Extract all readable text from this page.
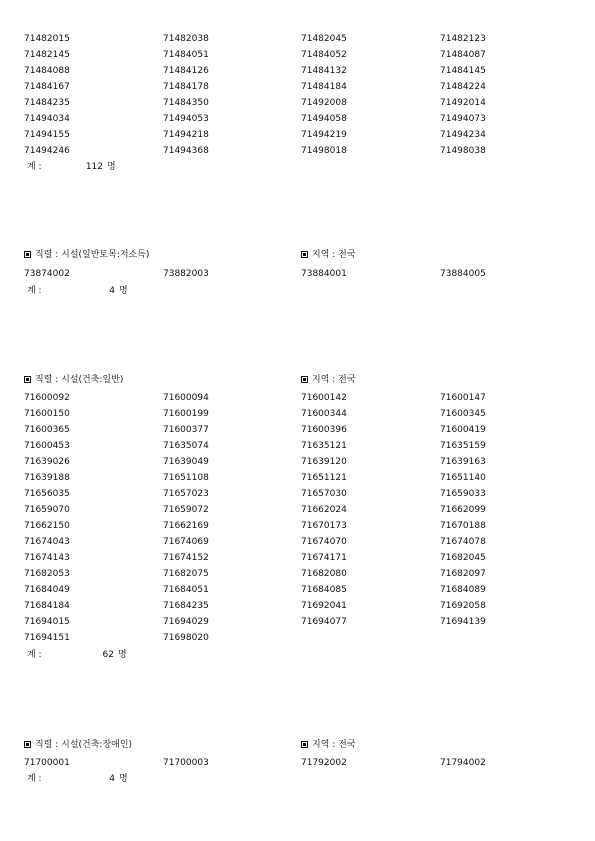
71482015	71482038	71482045	71482123
71482145	71484051	71484052	71484087
71484088	71484126	71484132	71484145
71484167	71484178	71484184	71484224
71484235	71484350	71492008	71492014
71494034	71494053	71494058	71494073
71494155	71494218	71494219	71494234
71494246	71494368	71498018	71498038
계 :	112 명
직렬 : 시설(일반토목:저소득)	지역 : 전국
73874002	73882003	73884001	73884005
계 :	4 명
직렬 : 시설(건축:일반)	지역 : 전국
71600092	71600094	71600142	71600147
71600150	71600199	71600344	71600345
71600365	71600377	71600396	71600419
71600453	71635074	71635121	71635159
71639026	71639049	71639120	71639163
71639188	71651108	71651121	71651140
71656035	71657023	71657030	71659033
71659070	71659072	71662024	71662099
71662150	71662169	71670173	71670188
71674043	71674069	71674070	71674078
71674143	71674152	71674171	71682045
71682053	71682075	71682080	71682097
71684049	71684051	71684085	71684089
71684184	71684235	71692041	71692058
71694015	71694029	71694077	71694139
71694151	71698020
계 :	62 명
직렬 : 시설(건축:장애인)	지역 : 전국
71700001	71700003	71792002	71794002
계 :	4 명
